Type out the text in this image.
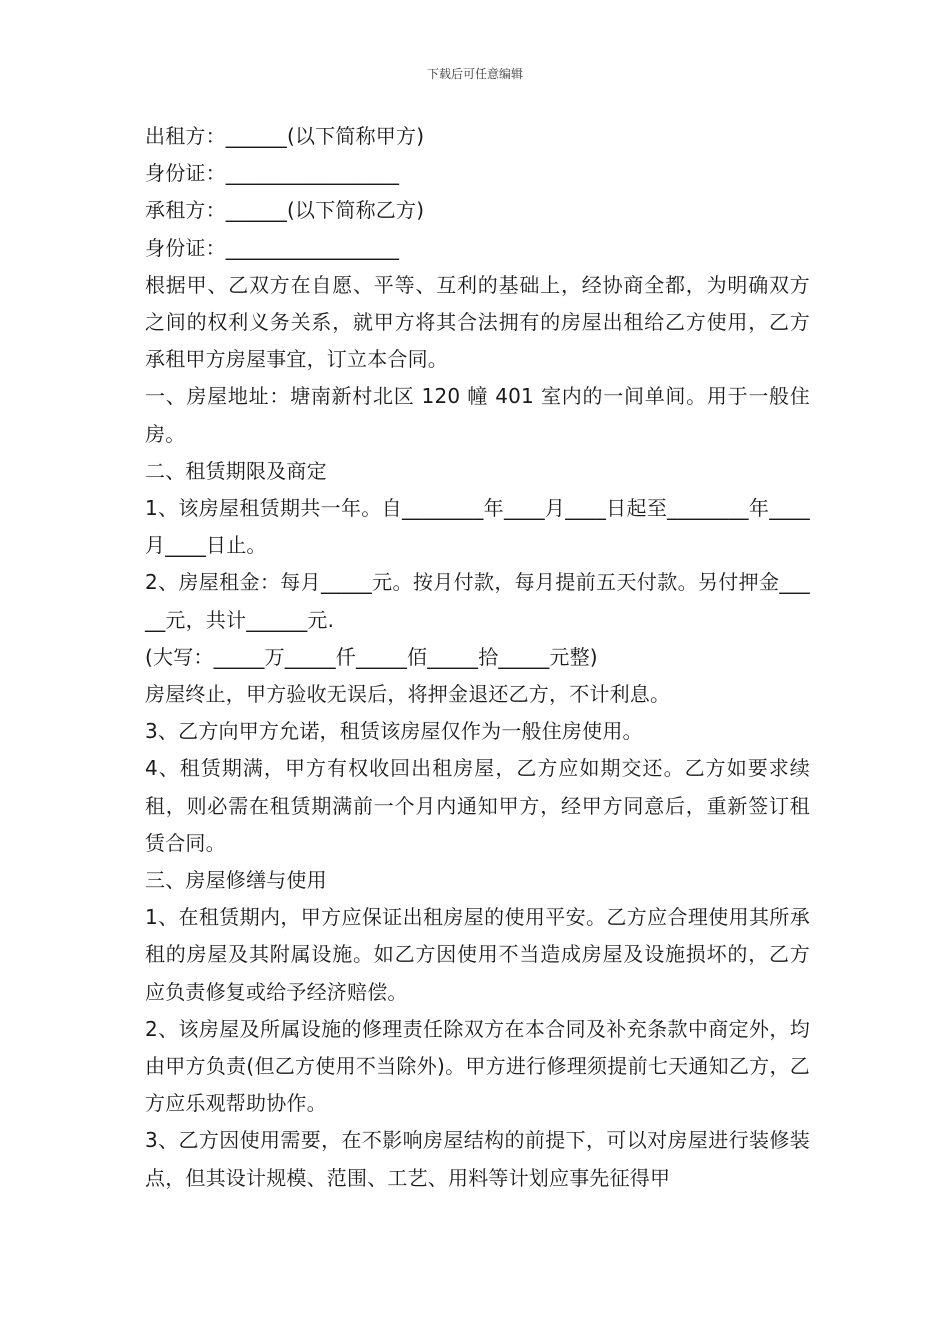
下载后可任意编辑

出租方：______(以下简称甲方)

身份证：_________________

承租方：______(以下简称乙方)

身份证：_________________

根据甲、乙双方在自愿、平等、互利的基础上，经协商全都，为明确双方之间的权利义务关系，就甲方将其合法拥有的房屋出租给乙方使用，乙方承租甲方房屋事宜，订立本合同。

一、房屋地址：塘南新村北区 120 幢 401 室内的一间单间。用于一般住房。

二、租赁期限及商定

1、该房屋租赁期共一年。自________年____月____日起至________年____月____日止。

2、房屋租金：每月_____元。按月付款，每月提前五天付款。另付押金_____元，共计______元.

(大写：_____万_____仟_____佰_____拾_____元整)

房屋终止，甲方验收无误后，将押金退还乙方，不计利息。

3、乙方向甲方允诺，租赁该房屋仅作为一般住房使用。

4、租赁期满，甲方有权收回出租房屋，乙方应如期交还。乙方如要求续租，则必需在租赁期满前一个月内通知甲方，经甲方同意后，重新签订租赁合同。

三、房屋修缮与使用

1、在租赁期内，甲方应保证出租房屋的使用平安。乙方应合理使用其所承租的房屋及其附属设施。如乙方因使用不当造成房屋及设施损坏的，乙方应负责修复或给予经济赔偿。

2、该房屋及所属设施的修理责任除双方在本合同及补充条款中商定外，均由甲方负责(但乙方使用不当除外)。甲方进行修理须提前七天通知乙方，乙方应乐观帮助协作。

3、乙方因使用需要，在不影响房屋结构的前提下，可以对房屋进行装修装点，但其设计规模、范围、工艺、用料等计划应事先征得甲
